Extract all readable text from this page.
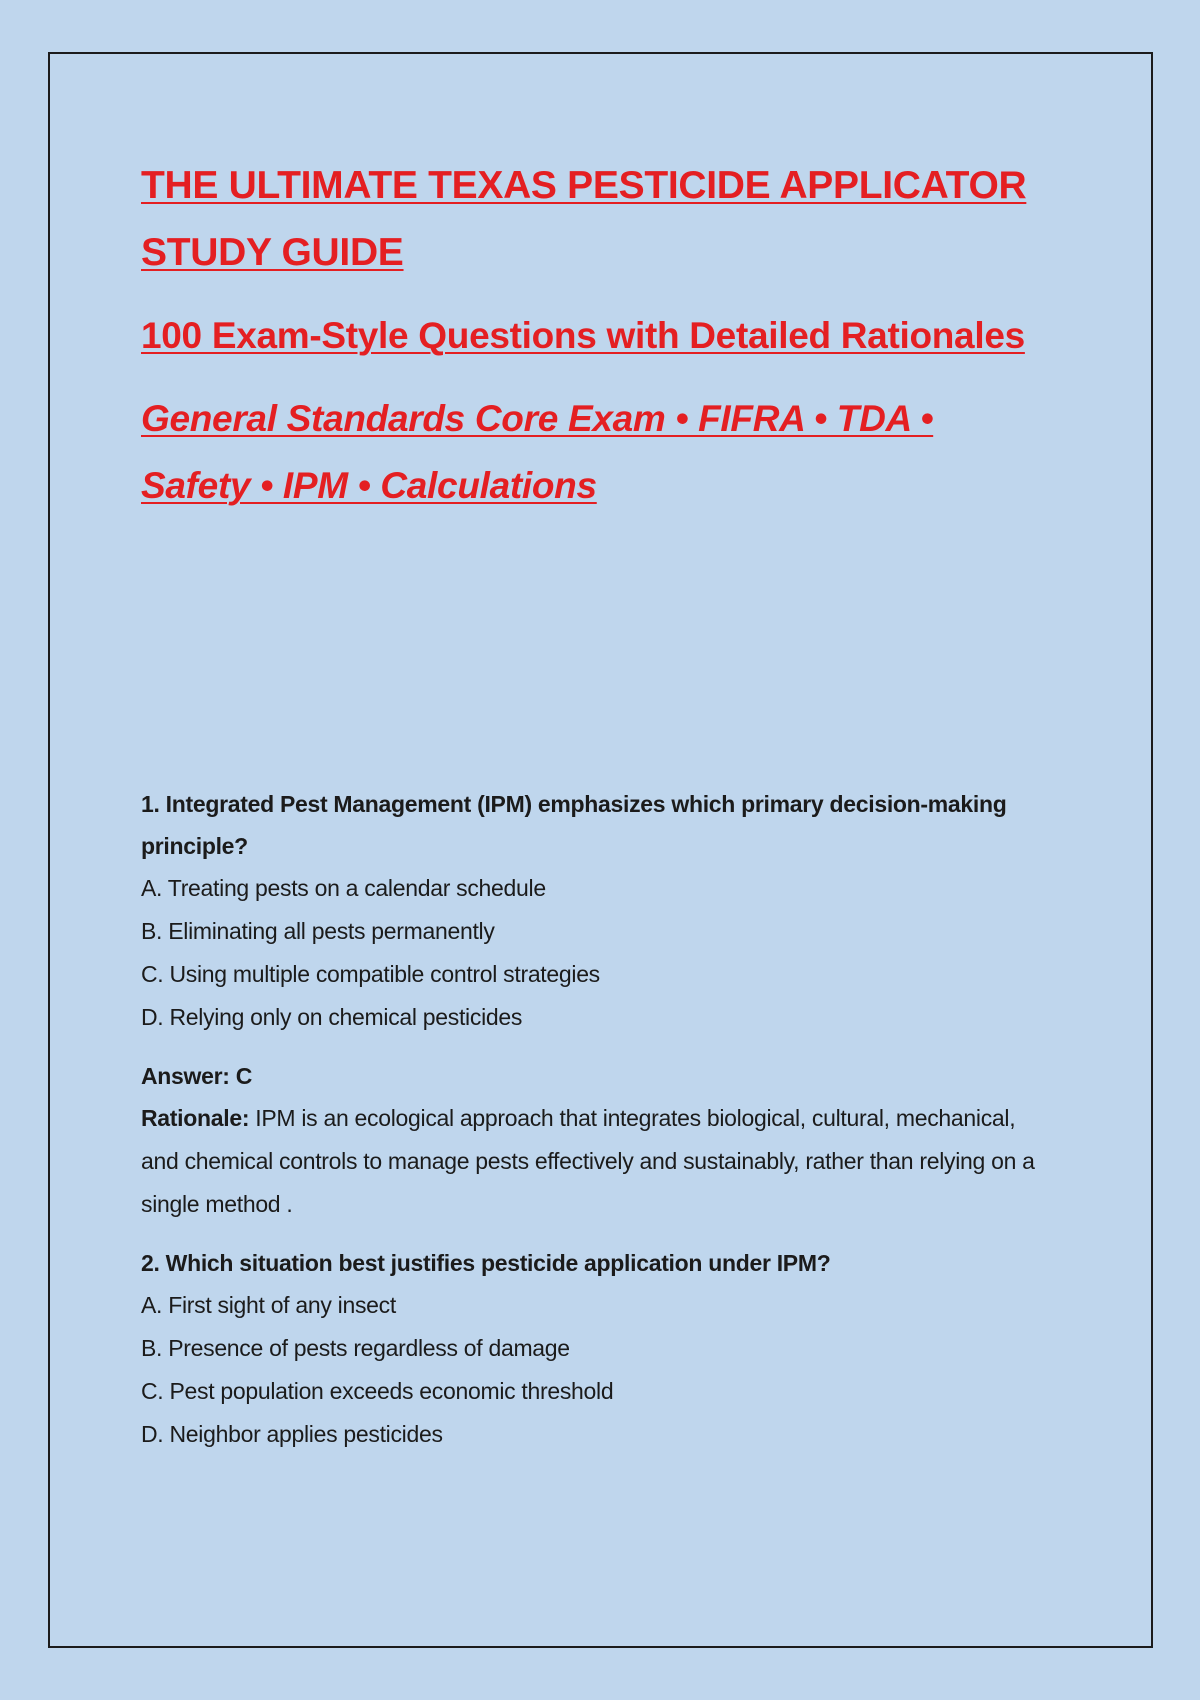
THE ULTIMATE TEXAS PESTICIDE APPLICATOR STUDY GUIDE
100 Exam-Style Questions with Detailed Rationales
General Standards Core Exam • FIFRA • TDA • Safety • IPM • Calculations

1. Integrated Pest Management (IPM) emphasizes which primary decision-making principle?

A. Treating pests on a calendar schedule

B. Eliminating all pests permanently

C. Using multiple compatible control strategies

D. Relying only on chemical pesticides

Answer: C

Rationale: IPM is an ecological approach that integrates biological, cultural, mechanical, and chemical controls to manage pests effectively and sustainably, rather than relying on a single method .

2. Which situation best justifies pesticide application under IPM?

A. First sight of any insect

B. Presence of pests regardless of damage

C. Pest population exceeds economic threshold

D. Neighbor applies pesticides
